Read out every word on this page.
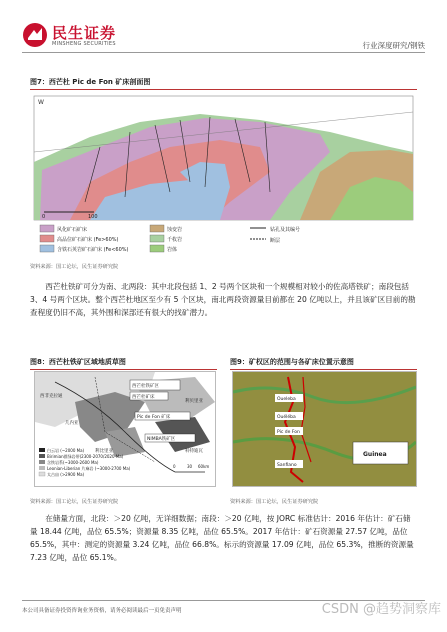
民生证券
MINSHENG SECURITIES	行业深度研究/钢铁
图7：西芒杜 Pic de Fon 矿床剖面图
W
0	100
风化矿石矿床
高品位矿石矿床 (Fe>60%)
含铁石英岩矿石矿床 (Fe<60%)
蚀变岩
千枚岩
岩体
钻孔及其编号
断层
资料来源：国工论坛，民生证券研究院
西芒杜铁矿可分为南、北两段：其中北段包括 1、2 号两个区块和一个规模相对较小的佐高塔铁矿；南段包括 3、4 号两个区块。整个西芒杜地区至少有 5 个区块，南北两段资源量目前都在 20 亿吨以上，并且该矿区目前的勘查程度仍旧不高，其外围和深部还有很大的找矿潜力。
图8：西芒杜铁矿区域地质草图
西芒杜铁矿区
西芒杜矿床
Pic de Fon 矿床
利贝里亚
西非克拉通
NIMBA铁矿区
科特迪瓦
几内亚
利比里亚
白云岩 (~2000 Ma)
Birimian群绿岩带(2300-2070/2020 Ma)
含铁岩系(~3000-2600 Ma)
Leonian-Liberian 片麻岩 (~3000-2700 Ma)
太古宙 (>2900 Ma)
0	30 60km
资料来源：国工论坛，民生证券研究院
图9：矿权区的范围与各矿床位置示意图
Guinea
Oueleba
Pic de Fon
Ouéléba
Sanfiano
资料来源：国工论坛，民生证券研究院
在储量方面，北段：＞20 亿吨，无详细数据；南段：＞20 亿吨，按 JORC 标准估计：2016 年估计：矿石储量 18.44 亿吨，品位 65.5%；资源量 8.35 亿吨，品位 65.5%。2017 年估计：矿石资源量 27.57 亿吨，品位 65.5%，其中：测定的资源量 3.24 亿吨，品位 66.8%。标示的资源量 17.09 亿吨，品位 65.3%，推断的资源量 7.23 亿吨，品位 65.1%。
本公司具备证券投资咨询业务资格，请务必阅读最后一页免责声明	CSDN @趋势洞察库
